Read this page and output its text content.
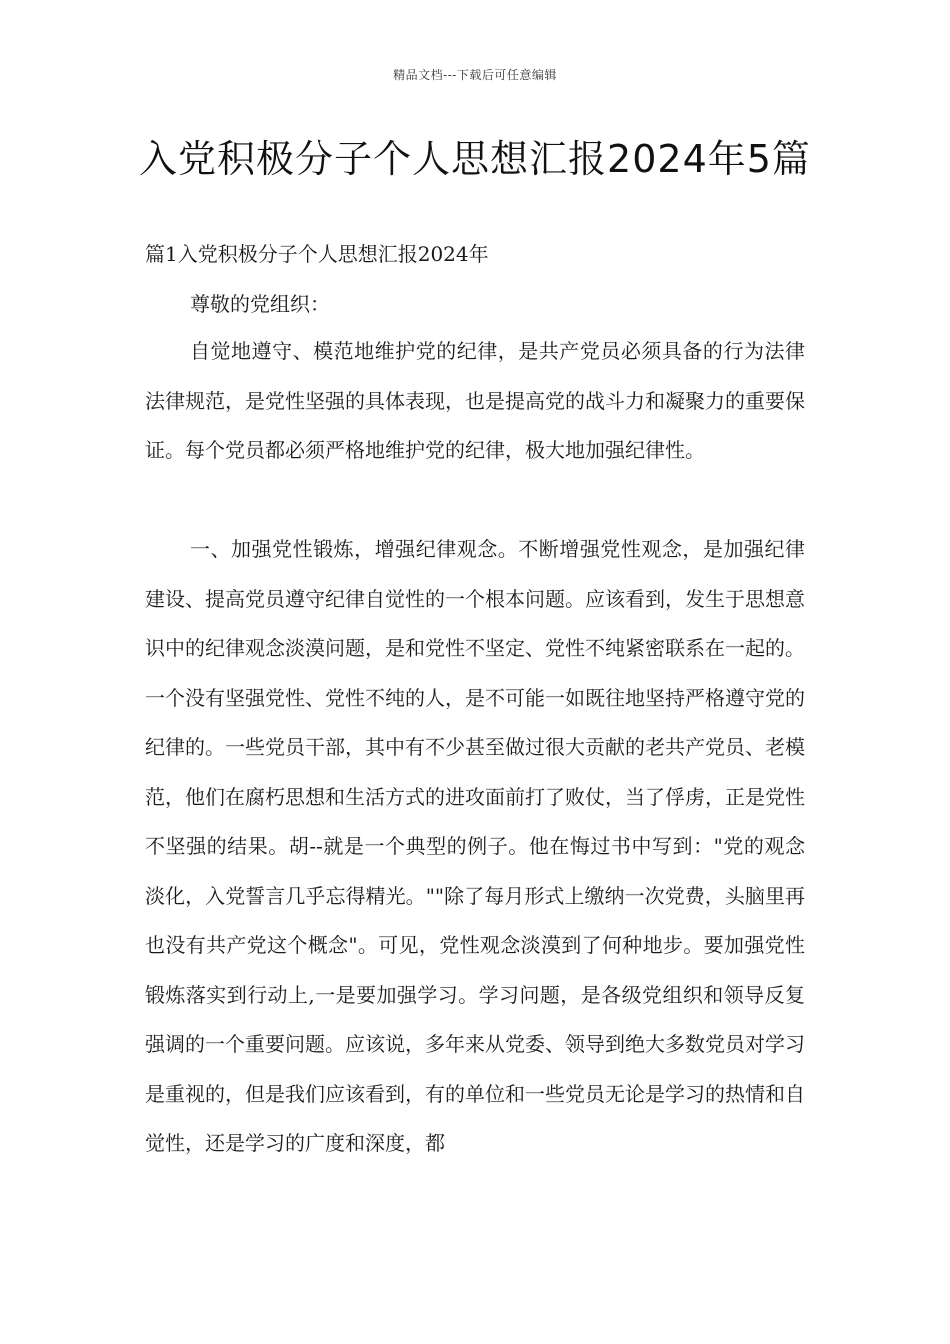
精品文档---下载后可任意编辑
入党积极分子个人思想汇报2024年5篇
篇1入党积极分子个人思想汇报2024年

尊敬的党组织：

自觉地遵守、模范地维护党的纪律，是共产党员必须具备的行为法律法律规范，是党性坚强的具体表现，也是提高党的战斗力和凝聚力的重要保证。每个党员都必须严格地维护党的纪律，极大地加强纪律性。

一、加强党性锻炼，增强纪律观念。不断增强党性观念，是加强纪律建设、提高党员遵守纪律自觉性的一个根本问题。应该看到，发生于思想意识中的纪律观念淡漠问题，是和党性不坚定、党性不纯紧密联系在一起的。一个没有坚强党性、党性不纯的人，是不可能一如既往地坚持严格遵守党的纪律的。一些党员干部，其中有不少甚至做过很大贡献的老共产党员、老模范，他们在腐朽思想和生活方式的进攻面前打了败仗，当了俘虏，正是党性不坚强的结果。胡--就是一个典型的例子。他在悔过书中写到："党的观念淡化，入党誓言几乎忘得精光。""除了每月形式上缴纳一次党费，头脑里再也没有共产党这个概念"。可见，党性观念淡漠到了何种地步。要加强党性锻炼落实到行动上,一是要加强学习。学习问题，是各级党组织和领导反复强调的一个重要问题。应该说，多年来从党委、领导到绝大多数党员对学习是重视的，但是我们应该看到，有的单位和一些党员无论是学习的热情和自觉性，还是学习的广度和深度，都
